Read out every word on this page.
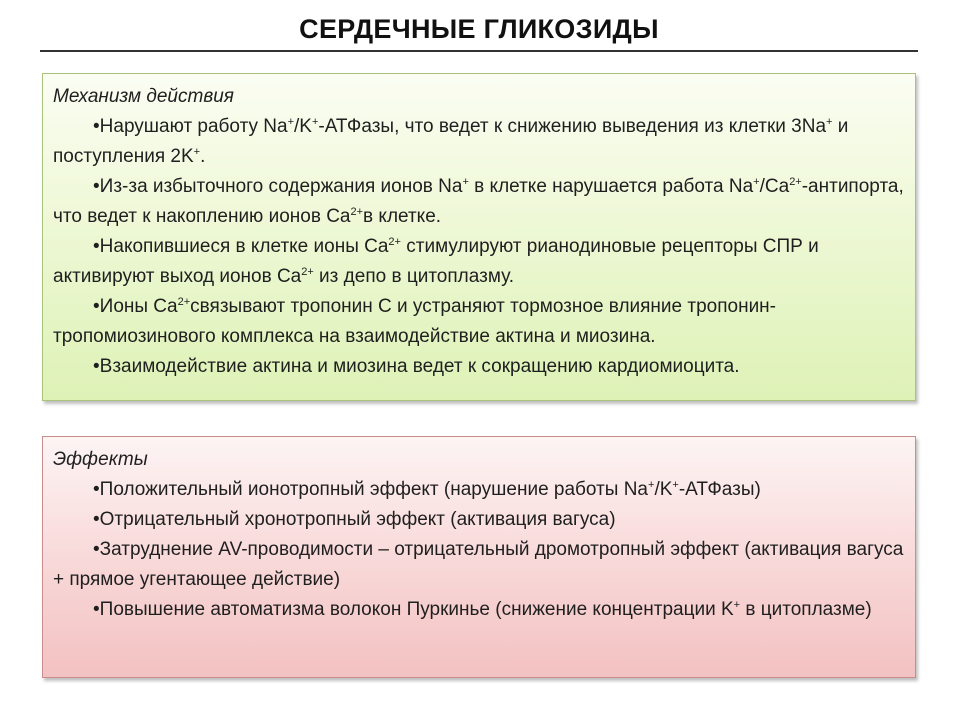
СЕРДЕЧНЫЕ ГЛИКОЗИДЫ
Механизм действия
• Нарушают работу Na+/K+-АТФазы, что ведет к снижению выведения из клетки 3Na+ и поступления 2K+.
• Из-за избыточного содержания ионов Na+ в клетке нарушается работа $Na^+/Ca^{2+}$-антипорта, что ведет к накоплению ионов $Ca^{2+}в$ клетке.
• Накопившиеся в клетке ионы $Ca^{2+}$ стимулируют рианодиновые рецепторы СПР и активируют выход ионов $Ca^{2+}$ из депо в цитоплазму.
• Ионы $Ca^{2+}связывают$ тропонин С и устраняют тормозное влияние тропонин-тропомиозинового комплекса на взаимодействие актина и миозина.
• Взаимодействие актина и миозина ведет к сокращению кардиомиоцита.
Эффекты
• Положительный ионотропный эффект (нарушение работы Na+/K+-АТФазы)
• Отрицательный хронотропный эффект (активация вагуса)
• Затруднение AV-проводимости – отрицательный дромотропный эффект (активация вагуса + прямое угентающее действие)
• Повышение автоматизма волокон Пуркинье (снижение концентрации K+ в цитоплазме)
